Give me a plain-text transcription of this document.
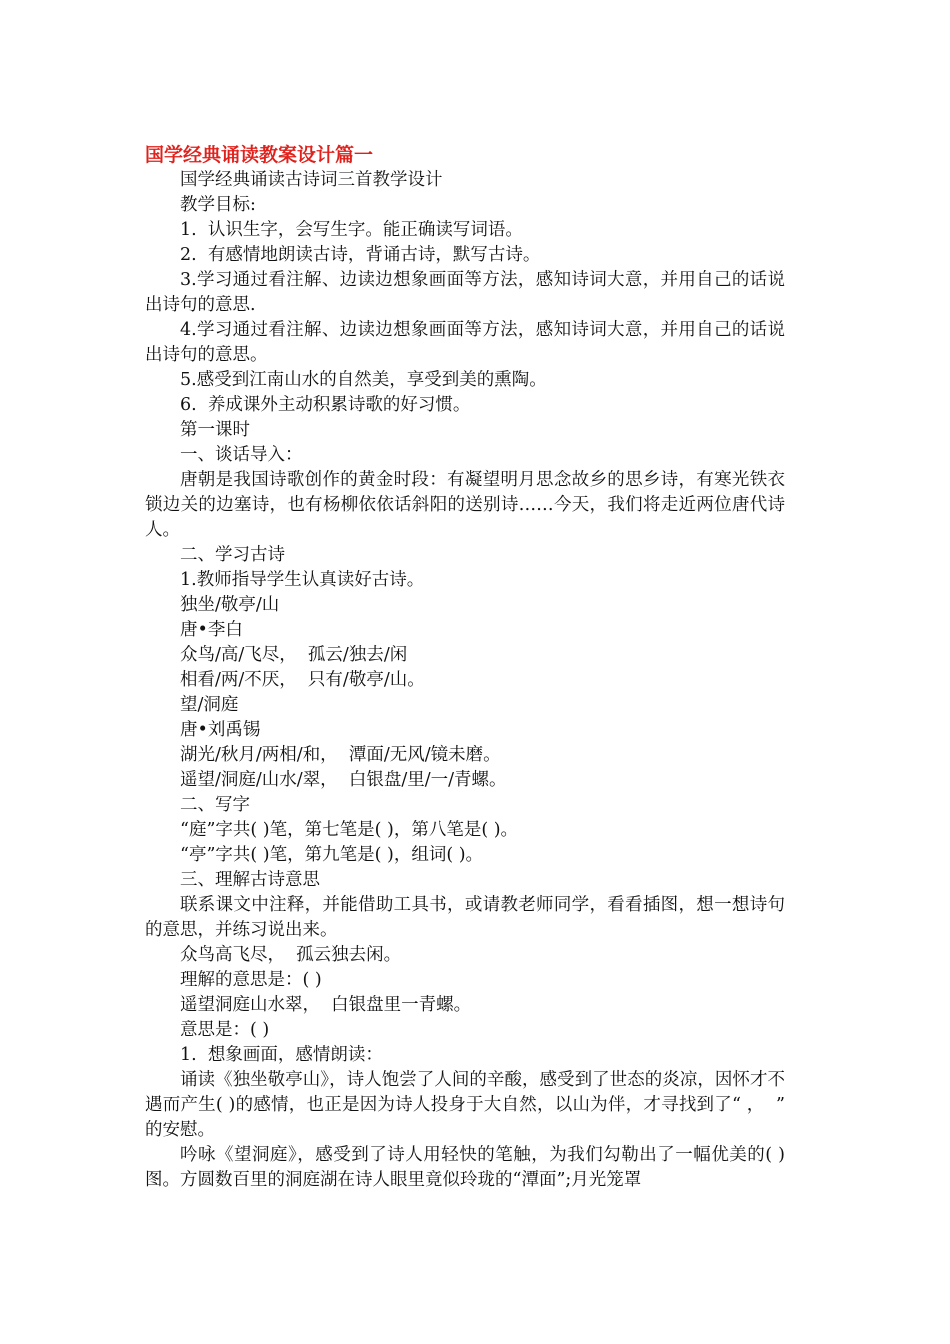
国学经典诵读教案设计篇一

国学经典诵读古诗词三首教学设计

教学目标:

1.  认识生字，会写生字。能正确读写词语。

2.  有感情地朗读古诗，背诵古诗，默写古诗。

3.学习通过看注解、边读边想象画面等方法，感知诗词大意，并用自己的话说出诗句的意思.

4.学习通过看注解、边读边想象画面等方法，感知诗词大意，并用自己的话说出诗句的意思。

5.感受到江南山水的自然美，享受到美的熏陶。

6.  养成课外主动积累诗歌的好习惯。

第一课时

一、谈话导入：

唐朝是我国诗歌创作的黄金时段：有凝望明月思念故乡的思乡诗，有寒光铁衣锁边关的边塞诗，也有杨柳依依话斜阳的送别诗……今天，我们将走近两位唐代诗人。

二、学习古诗

1.教师指导学生认真读好古诗。

独坐/敬亭/山

唐•李白

众鸟/高/飞尽，  孤云/独去/闲

相看/两/不厌，  只有/敬亭/山。

望/洞庭

唐•刘禹锡

湖光/秋月/两相/和，  潭面/无风/镜未磨。

遥望/洞庭/山水/翠，  白银盘/里/一/青螺。

二、写字

“庭”字共( )笔，第七笔是( )，第八笔是( )。

“亭”字共( )笔，第九笔是( )，组词( )。

三、理解古诗意思

联系课文中注释，并能借助工具书，或请教老师同学，看看插图，想一想诗句的意思，并练习说出来。

众鸟高飞尽，  孤云独去闲。

理解的意思是：( )

遥望洞庭山水翠，  白银盘里一青螺。

意思是：( )

1.  想象画面，感情朗读：

诵读《独坐敬亭山》，诗人饱尝了人间的辛酸，感受到了世态的炎凉，因怀才不遇而产生( )的感情，也正是因为诗人投身于大自然，以山为伴，才寻找到了“ ，  ” 的安慰。

吟咏《望洞庭》，感受到了诗人用轻快的笔触，为我们勾勒出了一幅优美的( )图。方圆数百里的洞庭湖在诗人眼里竟似玲珑的“潭面”;月光笼罩
